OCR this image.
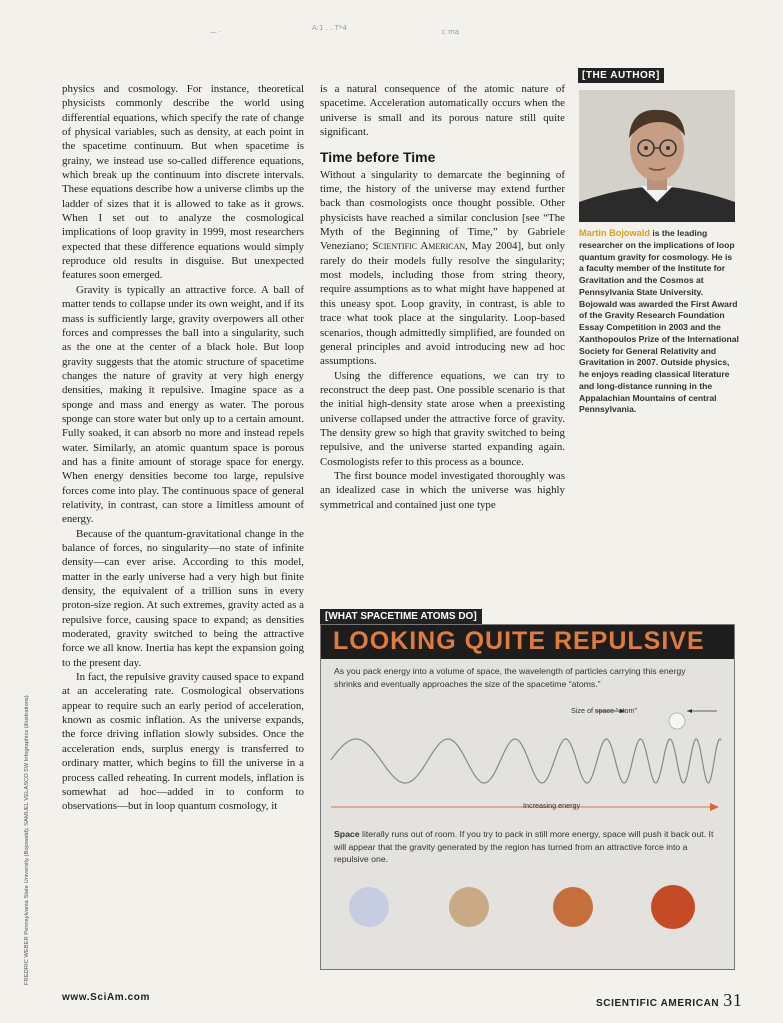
— ·	A:1 . . T*4	c ma

physics and cosmology. For instance, theoretical physicists commonly describe the world using differential equations, which specify the rate of change of physical variables, such as density, at each point in the spacetime continuum. But when spacetime is grainy, we instead use so-called difference equations, which break up the continuum into discrete intervals. These equations describe how a universe climbs up the ladder of sizes that it is allowed to take as it grows. When I set out to analyze the cosmological implications of loop gravity in 1999, most researchers expected that these difference equations would simply reproduce old results in disguise. But unexpected features soon emerged.

Gravity is typically an attractive force. A ball of matter tends to collapse under its own weight, and if its mass is sufficiently large, gravity overpowers all other forces and compresses the ball into a singularity, such as the one at the center of a black hole. But loop gravity suggests that the atomic structure of spacetime changes the nature of gravity at very high energy densities, making it repulsive. Imagine space as a sponge and mass and energy as water. The porous sponge can store water but only up to a certain amount. Fully soaked, it can absorb no more and instead repels water. Similarly, an atomic quantum space is porous and has a finite amount of storage space for energy. When energy densities become too large, repulsive forces come into play. The continuous space of general relativity, in contrast, can store a limitless amount of energy.

Because of the quantum-gravitational change in the balance of forces, no singularity—no state of infinite density—can ever arise. According to this model, matter in the early universe had a very high but finite density, the equivalent of a trillion suns in every proton-size region. At such extremes, gravity acted as a repulsive force, causing space to expand; as densities moderated, gravity switched to being the attractive force we all know. Inertia has kept the expansion going to the present day.

In fact, the repulsive gravity caused space to expand at an accelerating rate. Cosmological observations appear to require such an early period of acceleration, known as cosmic inflation. As the universe expands, the force driving inflation slowly subsides. Once the acceleration ends, surplus energy is transferred to ordinary matter, which begins to fill the universe in a process called reheating. In current models, inflation is somewhat ad hoc—added in to conform to observations—but in loop quantum cosmology, it

is a natural consequence of the atomic nature of spacetime. Acceleration automatically occurs when the universe is small and its porous nature still quite significant.

Time before Time

Without a singularity to demarcate the beginning of time, the history of the universe may extend further back than cosmologists once thought possible. Other physicists have reached a similar conclusion [see “The Myth of the Beginning of Time,” by Gabriele Veneziano; Scientific American, May 2004], but only rarely do their models fully resolve the singularity; most models, including those from string theory, require assumptions as to what might have happened at this uneasy spot. Loop gravity, in contrast, is able to trace what took place at the singularity. Loop-based scenarios, though admittedly simplified, are founded on general principles and avoid introducing new ad hoc assumptions.

Using the difference equations, we can try to reconstruct the deep past. One possible scenario is that the initial high-density state arose when a preexisting universe collapsed under the attractive force of gravity. The density grew so high that gravity switched to being repulsive, and the universe started expanding again. Cosmologists refer to this process as a bounce.

The first bounce model investigated thoroughly was an idealized case in which the universe was highly symmetrical and contained just one type

[THE AUTHOR]
Martin Bojowald is the leading researcher on the implications of loop quantum gravity for cosmology. He is a faculty member of the Institute for Gravitation and the Cosmos at Pennsylvania State University. Bojowald was awarded the First Award of the Gravity Research Foundation Essay Competition in 2003 and the Xanthopoulos Prize of the International Society for General Relativity and Gravitation in 2007. Outside physics, he enjoys reading classical literature and long-distance running in the Appalachian Mountains of central Pennsylvania.
FREDRIC WEBER Pennsylvania State University (Bojowald); SAMUEL VELASCO 5W Infographics (illustrations)
[WHAT SPACETIME ATOMS DO]
LOOKING QUITE REPULSIVE
As you pack energy into a volume of space, the wavelength of particles carrying this energy shrinks and eventually approaches the size of the spacetime “atoms.”
Size of space “atom”
Increasing energy
Space literally runs out of room. If you try to pack in still more energy, space will push it back out. It will appear that the gravity generated by the region has turned from an attractive force into a repulsive one.
www.SciAm.com
SCIENTIFIC AMERICAN 31
